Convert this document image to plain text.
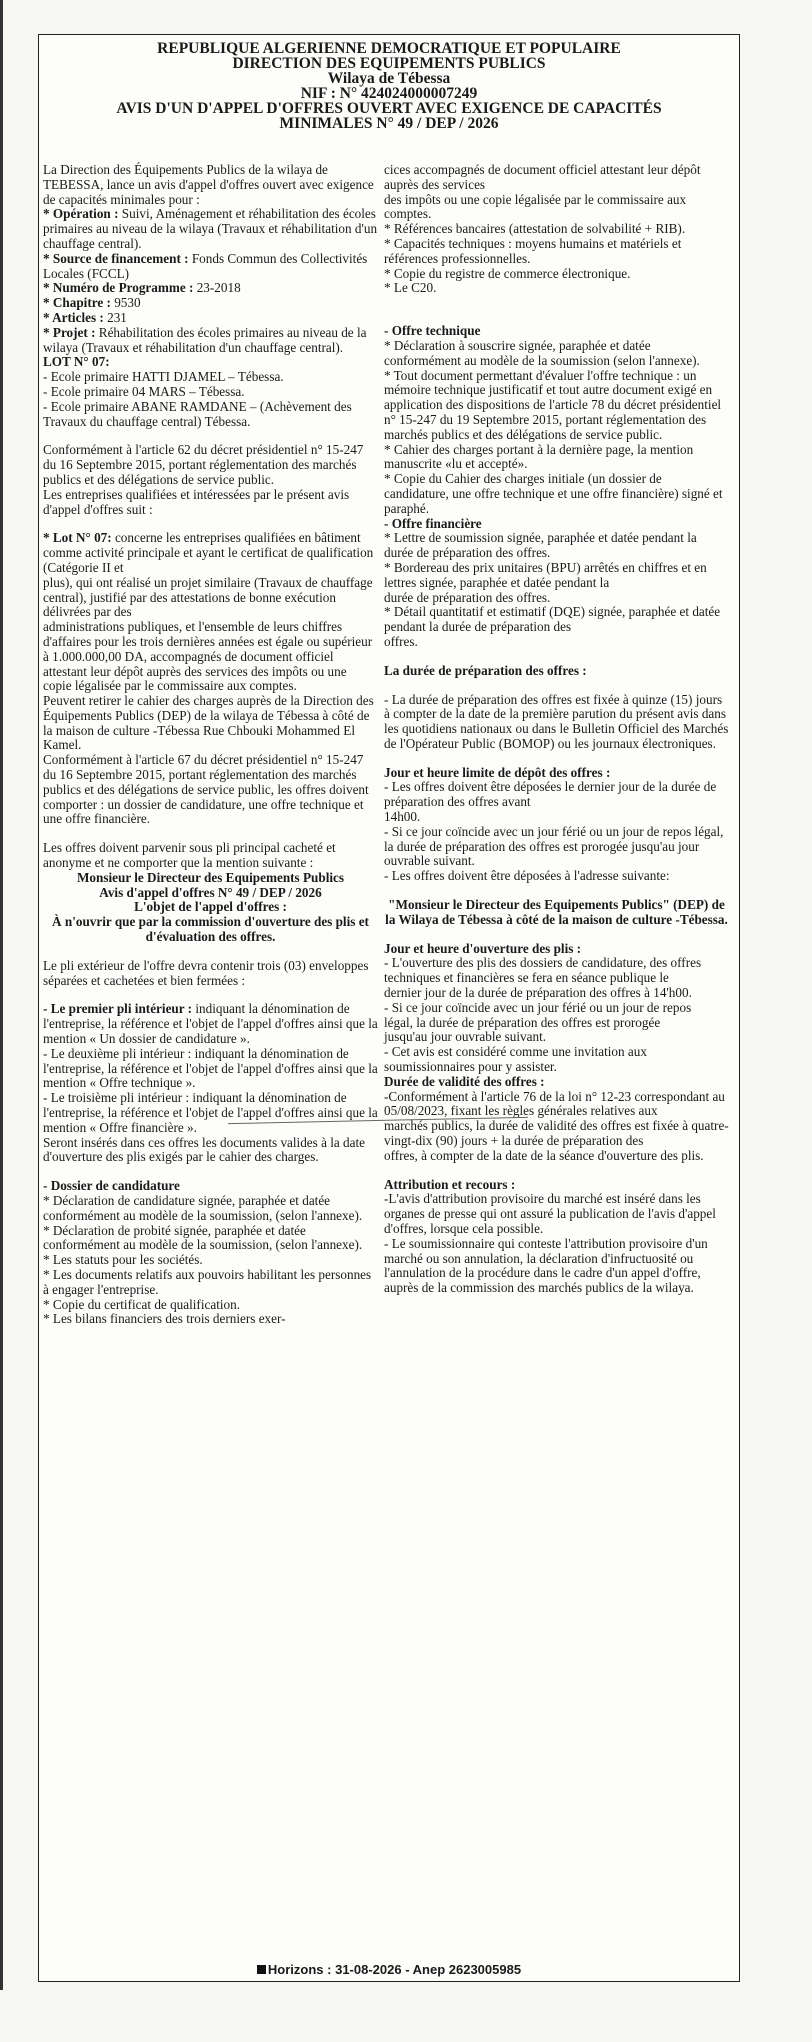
REPUBLIQUE ALGERIENNE DEMOCRATIQUE ET POPULAIRE
DIRECTION DES EQUIPEMENTS PUBLICS
Wilaya de Tébessa
NIF : N° 424024000007249
AVIS D'UN D'APPEL D'OFFRES OUVERT AVEC EXIGENCE DE CAPACITÉS
MINIMALES N° 49 / DEP / 2026

La Direction des Équipements Publics de la wilaya de TEBESSA, lance un avis d'appel d'offres ouvert avec exigence de capacités minimales pour :

* Opération : Suivi, Aménagement et réhabilitation des écoles primaires au niveau de la wilaya (Travaux et réhabilitation d'un chauffage central).

* Source de financement : Fonds Commun des Collectivités Locales (FCCL)

* Numéro de Programme : 23-2018

* Chapitre : 9530

* Articles : 231

* Projet : Réhabilitation des écoles primaires au niveau de la wilaya (Travaux et réhabilitation d'un chauffage central).

LOT N° 07:

- Ecole primaire HATTI DJAMEL – Tébessa.
- Ecole primaire 04 MARS – Tébessa.
- Ecole primaire ABANE RAMDANE – (Achèvement des Travaux du chauffage central) Tébessa.

Conformément à l'article 62 du décret présidentiel n° 15-247 du 16 Septembre 2015, portant réglementation des marchés publics et des délégations de service public.
Les entreprises qualifiées et intéressées par le présent avis d'appel d'offres suit :

* Lot N° 07: concerne les entreprises qualifiées en bâtiment comme activité principale et ayant le certificat de qualification (Catégorie II et
plus), qui ont réalisé un projet similaire (Travaux de chauffage central), justifié par des attestations de bonne exécution délivrées par des
administrations publiques, et l'ensemble de leurs chiffres d'affaires pour les trois dernières années est égale ou supérieur à 1.000.000,00 DA, accompagnés de document officiel attestant leur dépôt auprès des services des impôts ou une copie légalisée par le commissaire aux comptes.
Peuvent retirer le cahier des charges auprès de la Direction des Équipements Publics (DEP) de la wilaya de Tébessa à côté de la maison de culture -Tébessa Rue Chbouki Mohammed El Kamel.
Conformément à l'article 67 du décret présidentiel n° 15-247 du 16 Septembre 2015, portant réglementation des marchés publics et des délégations de service public, les offres doivent comporter : un dossier de candidature, une offre technique et une offre financière.

Les offres doivent parvenir sous pli principal cacheté et anonyme et ne comporter que la mention suivante :

Monsieur le Directeur des Equipements Publics

Avis d'appel d'offres N° 49 / DEP / 2026

L'objet de l'appel d'offres :

À n'ouvrir que par la commission d'ouverture des plis et d'évaluation des offres.

Le pli extérieur de l'offre devra contenir trois (03) enveloppes séparées et cachetées et bien fermées :

- Le premier pli intérieur : indiquant la dénomination de l'entreprise, la référence et l'objet de l'appel d'offres ainsi que la
mention « Un dossier de candidature ».

- Le deuxième pli intérieur : indiquant la dénomination de l'entreprise, la référence et l'objet de l'appel d'offres ainsi que la
mention « Offre technique ».
- Le troisième pli intérieur : indiquant la dénomination de l'entreprise, la référence et l'objet de l'appel d'offres ainsi que la
mention « Offre financière ».
Seront insérés dans ces offres les documents valides à la date d'ouverture des plis exigés par le cahier des charges.

- Dossier de candidature

* Déclaration de candidature signée, paraphée et datée conformément au modèle de la soumission, (selon l'annexe).
* Déclaration de probité signée, paraphée et datée conformément au modèle de la soumission, (selon l'annexe).
* Les statuts pour les sociétés.
* Les documents relatifs aux pouvoirs habilitant les personnes à engager l'entreprise.
* Copie du certificat de qualification.
* Les bilans financiers des trois derniers exer-

cices accompagnés de document officiel attestant leur dépôt auprès des services
des impôts ou une copie légalisée par le commissaire aux comptes.
* Références bancaires (attestation de solvabilité + RIB).
* Capacités techniques : moyens humains et matériels et références professionnelles.
* Copie du registre de commerce électronique.
* Le C20.

- Offre technique

* Déclaration à souscrire signée, paraphée et datée conformément au modèle de la soumission (selon l'annexe).
* Tout document permettant d'évaluer l'offre technique : un mémoire technique justificatif et tout autre document exigé en
application des dispositions de l'article 78 du décret présidentiel n° 15-247 du 19 Septembre 2015, portant réglementation des
marchés publics et des délégations de service public.
* Cahier des charges portant à la dernière page, la mention manuscrite «lu et accepté».
* Copie du Cahier des charges initiale (un dossier de candidature, une offre technique et une offre financière) signé et paraphé.

- Offre financière

* Lettre de soumission signée, paraphée et datée pendant la durée de préparation des offres.
* Bordereau des prix unitaires (BPU) arrêtés en chiffres et en lettres signée, paraphée et datée pendant la
durée de préparation des offres.
* Détail quantitatif et estimatif (DQE) signée, paraphée et datée pendant la durée de préparation des
offres.

La durée de préparation des offres :

- La durée de préparation des offres est fixée à quinze (15) jours à compter de la date de la première parution du présent avis dans
les quotidiens nationaux ou dans le Bulletin Officiel des Marchés de l'Opérateur Public (BOMOP) ou les journaux électroniques.

Jour et heure limite de dépôt des offres :

- Les offres doivent être déposées le dernier jour de la durée de préparation des offres avant
14h00.
- Si ce jour coïncide avec un jour férié ou un jour de repos légal, la durée de préparation des offres est prorogée jusqu'au jour ouvrable suivant.
- Les offres doivent être déposées à l'adresse suivante:

"Monsieur le Directeur des Equipements Publics" (DEP) de la Wilaya de Tébessa à côté de la maison de culture -Tébessa.

Jour et heure d'ouverture des plis :

- L'ouverture des plis des dossiers de candidature, des offres techniques et financières se fera en séance publique le
dernier jour de la durée de préparation des offres à 14'h00.
- Si ce jour coïncide avec un jour férié ou un jour de repos
légal, la durée de préparation des offres est prorogée
jusqu'au jour ouvrable suivant.
- Cet avis est considéré comme une invitation aux soumissionnaires pour y assister.

Durée de validité des offres :

-Conformément à l'article 76 de la loi n° 12-23 correspondant au 05/08/2023, fixant les règles générales relatives aux
marchés publics, la durée de validité des offres est fixée à quatre-vingt-dix (90) jours + la durée de préparation des
offres, à compter de la date de la séance d'ouverture des plis.

Attribution et recours :

-L'avis d'attribution provisoire du marché est inséré dans les organes de presse qui ont assuré la publication de l'avis d'appel d'offres, lorsque cela possible.
- Le soumissionnaire qui conteste l'attribution provisoire d'un marché ou son annulation, la déclaration d'infructuosité ou l'annulation de la procédure dans le cadre d'un appel d'offre, auprès de la commission des marchés publics de la wilaya.

Horizons : 31-08-2026 - Anep 2623005985
